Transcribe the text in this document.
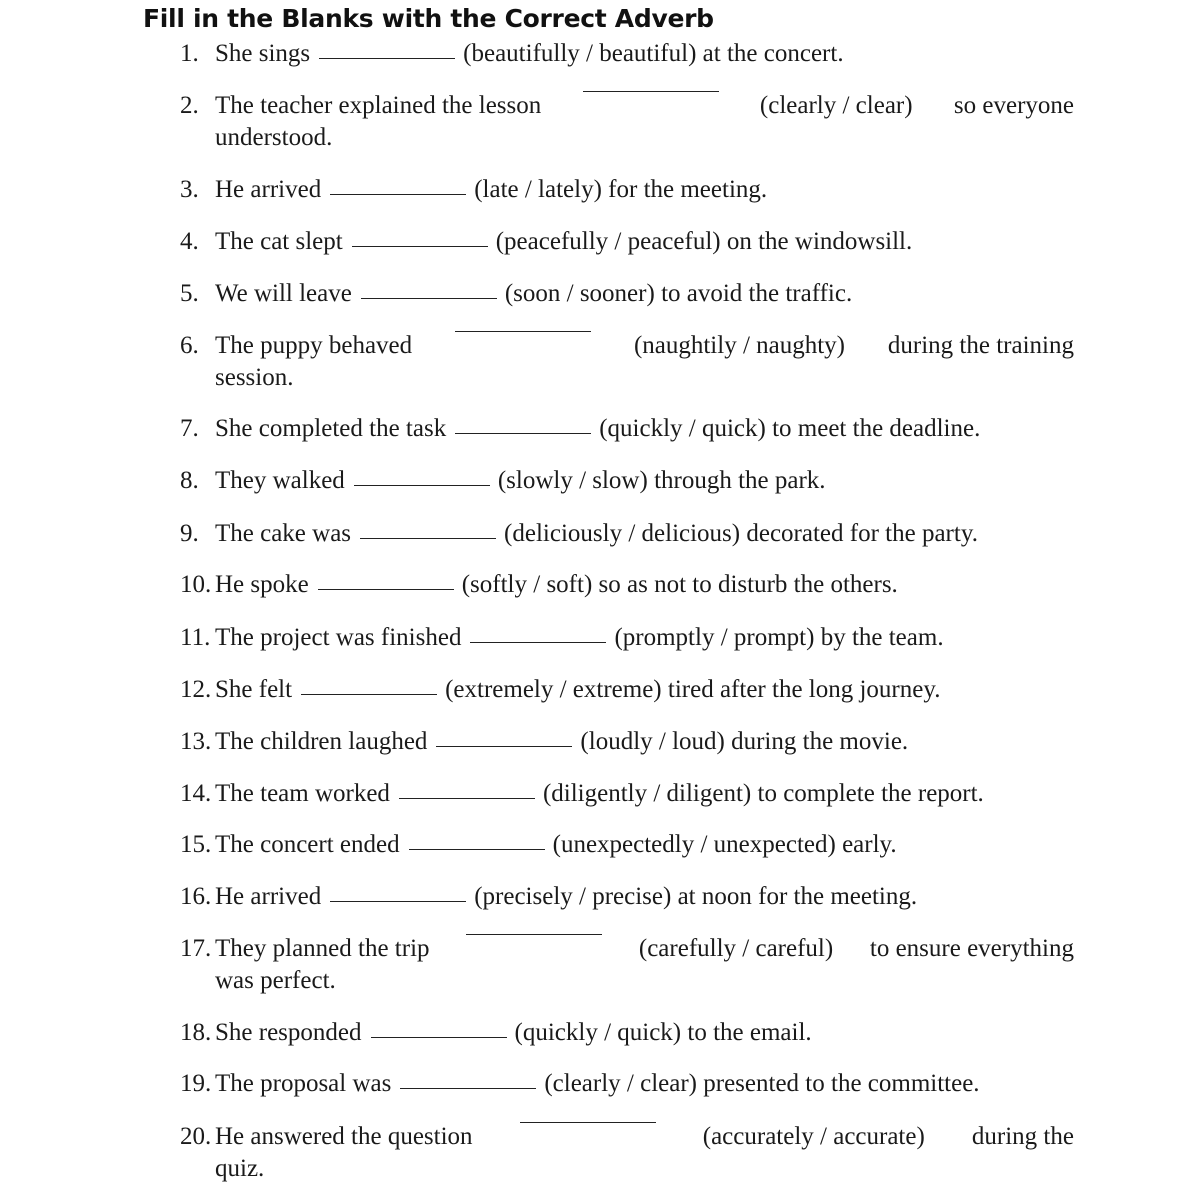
Fill in the Blanks with the Correct Adverb
1. She sings	(beautifully / beautiful) at the concert.
2. The teacher explained the lesson	(clearly / clear) so everyone
understood.
3. He arrived	(late / lately) for the meeting.
4. The cat slept	(peacefully / peaceful) on the windowsill.
5. We will leave	(soon / sooner) to avoid the traffic.
6. The puppy behaved	(naughtily / naughty) during the training
session.
7. She completed the task	(quickly / quick) to meet the deadline.
8. They walked	(slowly / slow) through the park.
9. The cake was	(deliciously / delicious) decorated for the party.
10. He spoke	(softly / soft) so as not to disturb the others.
11. The project was finished	(promptly / prompt) by the team.
12. She felt	(extremely / extreme) tired after the long journey.
13. The children laughed	(loudly / loud) during the movie.
14. The team worked	(diligently / diligent) to complete the report.
15. The concert ended	(unexpectedly / unexpected) early.
16. He arrived	(precisely / precise) at noon for the meeting.
17. They planned the trip	(carefully / careful) to ensure everything
was perfect.
18. She responded	(quickly / quick) to the email.
19. The proposal was	(clearly / clear) presented to the committee.
20. He answered the question	(accurately / accurate) during the
quiz.
